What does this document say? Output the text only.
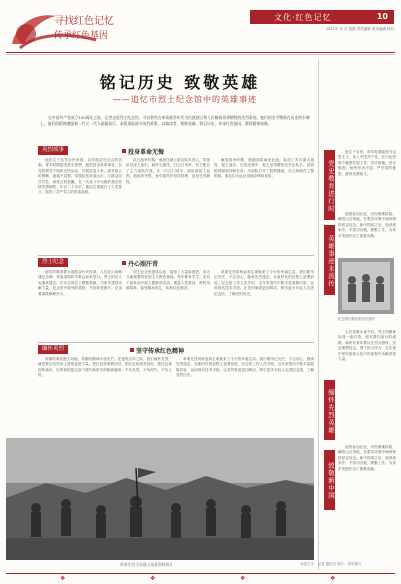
寻找红色记忆
传承红色基因
文化·红色记忆	10
2021年 月 日 星期 责任编辑 美术编辑 校对
铭记历史 致敬英雄
——追忆市烈士纪念馆中的英雄事迹
在中国共产党成立100周年之际，记者走进烈士纪念馆，寻访那些在革命战争年代为民族独立和人民解放英勇牺牲的先烈事迹。他们的名字镌刻在历史的丰碑上，他们的精神激励着一代又一代人砥砺前行。本版选取部分英烈故事，以飨读者，致敬英雄，铭记历史，传承红色基因，赓续精神血脉。
英烈故事	投身革命无悔
他出生于贫苦农民家庭，自幼饱尝旧社会的苦难。青年时期接受进步思想，毅然投身革命事业，在党的领导下组织农民运动，开展武装斗争。面对敌人的围剿，他毫不畏惧，带领队伍转战山区，与群众同甘共苦，深受百姓爱戴。在一次战斗中为掩护战友转移英勇牺牲，年仅二十余岁。他用生命践行了入党誓言，展现了共产党人的崇高品格。
抗日战争时期，他担任地方游击队负责人，带领队员深入敌后，破坏交通线，打击日伪军，有力配合了主力部队作战。在一次反扫荡中，部队被敌人包围，他组织突围，身负重伤仍坚持指挥，直至壮烈牺牲。
解放战争时期，他随部队南征北战，参加了多次重大战役，屡立战功。在攻坚战中，他主动请缨担任突击队长，冒着枪林弹雨冲锋在前，为部队打开了胜利通道，自己却倒在了黎明前。战友们永远记得他冲锋的身影。
烈士纪念	丹心照汗青
他们的事迹被当地群众代代传颂，人们在山间修建纪念碑，每逢清明时节都会前来祭扫。烈士的后人也继承遗志，在各自岗位上默默奉献，为家乡建设贡献力量。纪念馆中陈列的遗物、书信和老照片，记录着那段峥嵘岁月。
烈士纪念馆建成以来，接待了大量参观者，成为当地重要的爱国主义教育基地。每年都有学生、党员干部来此开展主题教育活动，重温入党誓词，聆听英雄故事，接受精神洗礼，传承红色基因。
革命先烈用鲜血和生命换来了今天的幸福生活。我们要牢记历史，不忘初心，继承先烈遗志，在新时代的征程上奋勇前进。纪念馆工作人员介绍，近年来馆内不断丰富展陈内容，运用现代技术手段，让英烈事迹更加鲜活，吸引更多年轻人走进纪念馆，了解党的历史。
缅怀英烈	坚守传承红色精神
英雄的事迹感天动地，英雄的精神永放光芒。在建党百年之际，我们缅怀先烈，就是要从英烈身上汲取奋进力量，把红色资源利用好、把红色传统发扬好、把红色基因传承好，以昂扬的姿态奋力谱写新时代的崭新篇章，不负先烈，不负时代，不负人民。
革命先烈用鲜血和生命换来了今天的幸福生活。我们要牢记历史，不忘初心，继承先烈遗志，在新时代的征程上奋勇前进。纪念馆工作人员介绍，近年来馆内不断丰富展陈内容，运用现代技术手段，让英烈事迹更加鲜活，吸引更多年轻人走进纪念馆，了解党的历史。
革命先烈当年战斗场景资料图片
他生于农家，青年时期接受马克思主义，加入中国共产党。在白色恐怖下秘密开展工作，多次被捕，受尽酷刑，始终坚贞不屈，严守党的秘密，最终英勇就义。
党史教育进行时
英雄事迹永流传
他曾参加长征，历经艰难险阻，翻雪山过草地，在艰苦环境中始终保持坚定信念。新中国成立后，他回到家乡，不居功自傲，默默工作，为家乡发展作出了重要贡献。
纪念馆内展出的历史照片
缅怀先烈英雄
致敬新中国
人民英雄永垂不朽。烈士的精神如同一座灯塔，照亮我们前行的道路。新时代青年要以先烈为榜样，坚定理想信念，勇于担当作为，在实现中华民族伟大复兴的征程中贡献青春力量。
他曾参加长征，历经艰难险阻，翻雪山过草地，在艰苦环境中始终保持坚定信念。新中国成立后，他回到家乡，不居功自傲，默默工作，为家乡发展作出了重要贡献。
本版文字：记者 通讯员 图片：资料图片
❖	❖	❖	❖
